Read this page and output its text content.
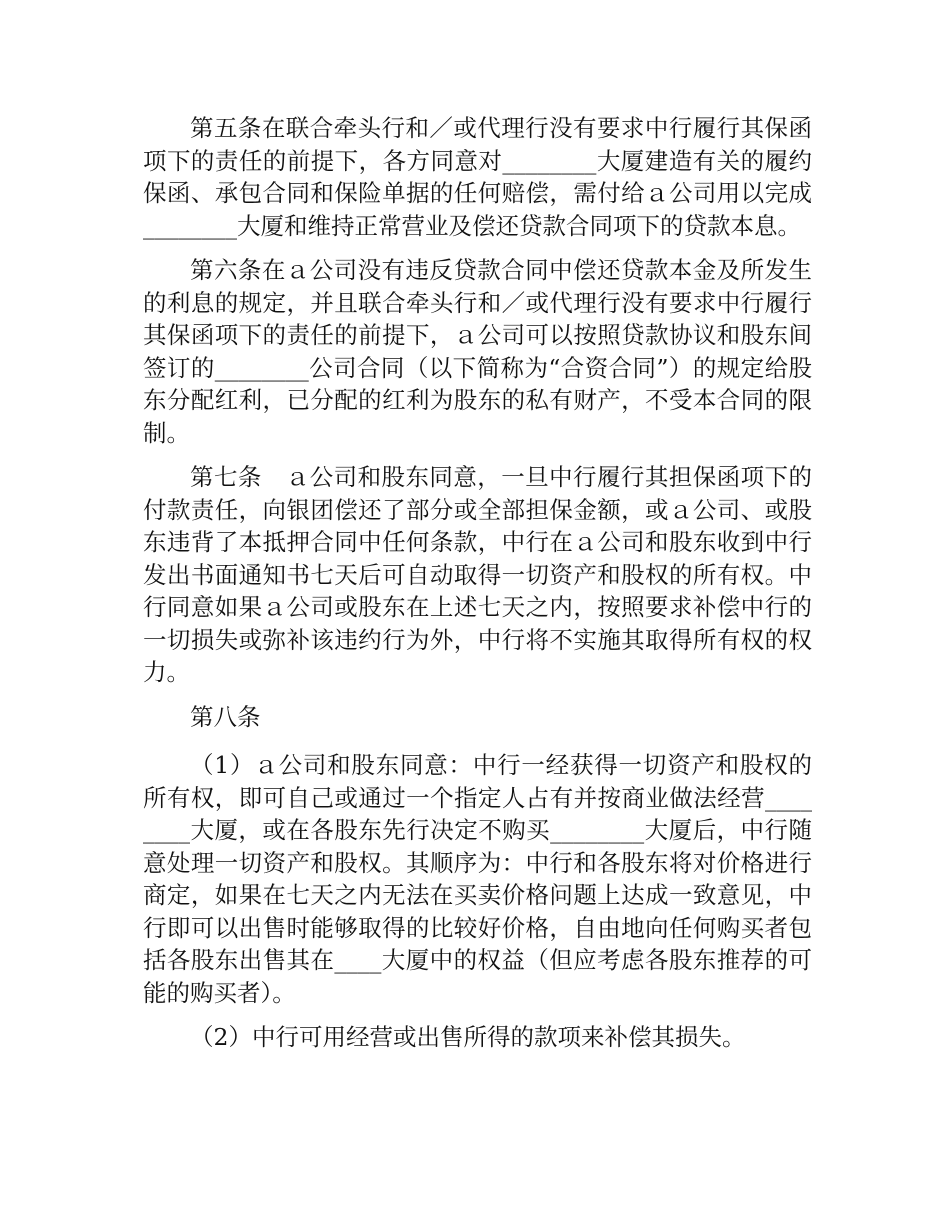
第五条在联合牵头行和／或代理行没有要求中行履行其保函项下的责任的前提下，各方同意对________大厦建造有关的履约保函、承包合同和保险单据的任何赔偿，需付给ａ公司用以完成________大厦和维持正常营业及偿还贷款合同项下的贷款本息。

第六条在ａ公司没有违反贷款合同中偿还贷款本金及所发生的利息的规定，并且联合牵头行和／或代理行没有要求中行履行其保函项下的责任的前提下，ａ公司可以按照贷款协议和股东间签订的________公司合同（以下简称为“合资合同”）的规定给股东分配红利，已分配的红利为股东的私有财产，不受本合同的限制。

第七条　ａ公司和股东同意，一旦中行履行其担保函项下的付款责任，向银团偿还了部分或全部担保金额，或ａ公司、或股东违背了本抵押合同中任何条款，中行在ａ公司和股东收到中行发出书面通知书七天后可自动取得一切资产和股权的所有权。中行同意如果ａ公司或股东在上述七天之内，按照要求补偿中行的一切损失或弥补该违约行为外，中行将不实施其取得所有权的权力。

第八条

（1）ａ公司和股东同意：中行一经获得一切资产和股权的所有权，即可自己或通过一个指定人占有并按商业做法经营________大厦，或在各股东先行决定不购买________大厦后，中行随意处理一切资产和股权。其顺序为：中行和各股东将对价格进行商定，如果在七天之内无法在买卖价格问题上达成一致意见，中行即可以出售时能够取得的比较好价格，自由地向任何购买者包括各股东出售其在____大厦中的权益（但应考虑各股东推荐的可能的购买者）。

（2）中行可用经营或出售所得的款项来补偿其损失。
